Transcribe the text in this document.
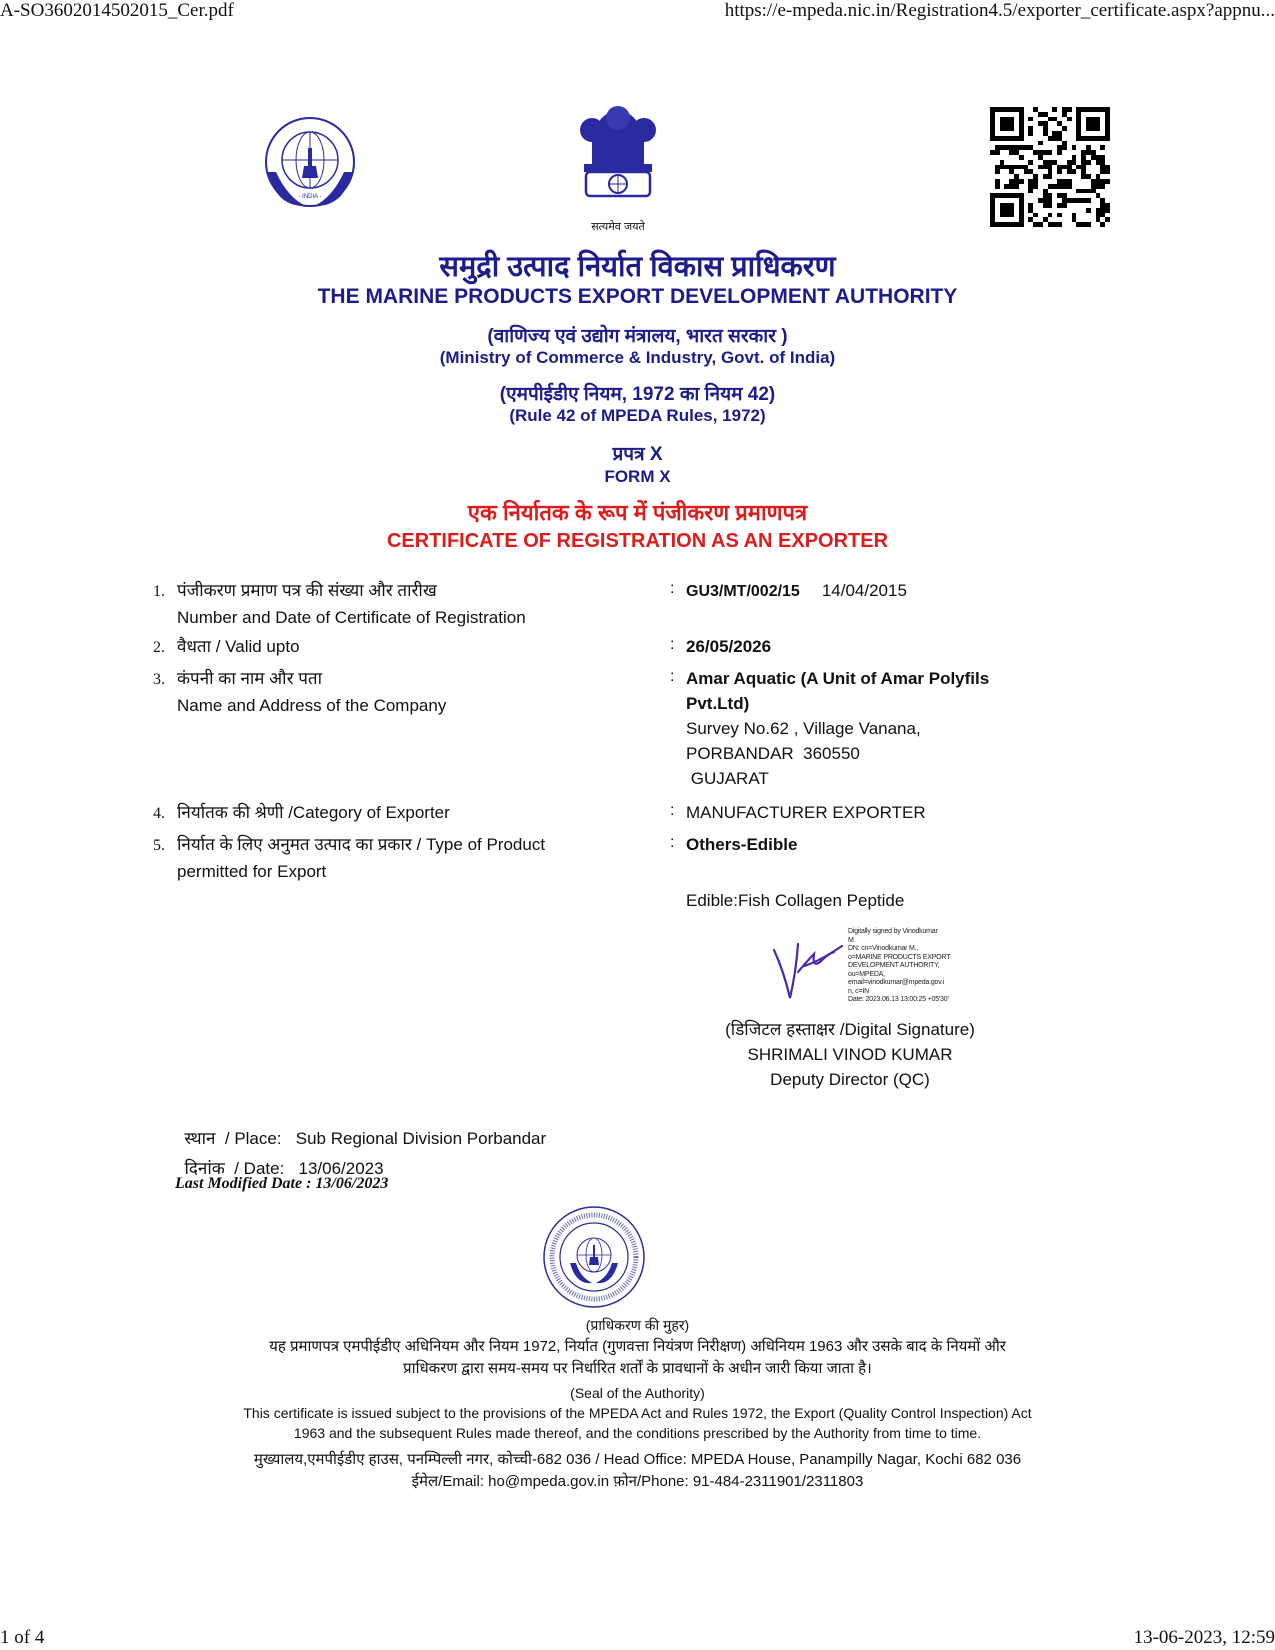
A-SO3602014502015_Cer.pdf	https://e-mpeda.nic.in/Registration4.5/exporter_certificate.aspx?appnu...
- INDIA -
सत्यमेव जयते
समुद्री उत्पाद निर्यात विकास प्राधिकरण
THE MARINE PRODUCTS EXPORT DEVELOPMENT AUTHORITY
(वाणिज्य एवं उद्योग मंत्रालय, भारत सरकार )
(Ministry of Commerce & Industry, Govt. of India)
(एमपीईडीए नियम, 1972 का नियम 42)
(Rule 42 of MPEDA Rules, 1972)
प्रपत्र X
FORM X
एक निर्यातक के रूप में पंजीकरण प्रमाणपत्र
CERTIFICATE OF REGISTRATION AS AN EXPORTER
1. पंजीकरण प्रमाण पत्र की संख्या और तारीख
Number and Date of Certificate of Registration
: GU3/MT/002/15 14/04/2015
2. वैधता / Valid upto	: 26/05/2026
3. कंपनी का नाम और पता
Name and Address of the Company
: Amar Aquatic (A Unit of Amar Polyfils
Pvt.Ltd)
Survey No.62 , Village Vanana,
PORBANDAR  360550
GUJARAT
4. निर्यातक की श्रेणी /Category of Exporter	: MANUFACTURER EXPORTER
5. निर्यात के लिए अनुमत उत्पाद का प्रकार / Type of Product
permitted for Export
: Others-Edible
Edible:Fish Collagen Peptide
Digitally signed by Vinodkumar
M.
DN: cn=Vinodkumar M.,
o=MARINE PRODUCTS EXPORT
DEVELOPMENT AUTHORITY,
ou=MPEDA,
email=vinodkumar@mpeda.gov.i
n, c=IN
Date: 2023.06.13 13:00:25 +05'30'
(डिजिटल हस्ताक्षर /Digital Signature)
SHRIMALI VINOD KUMAR
Deputy Director (QC)

स्थान  / Place: Sub Regional Division Porbandar

दिनांक  / Date: 13/06/2023

Last Modified Date : 13/06/2023
(प्राधिकरण की मुहर)
यह प्रमाणपत्र एमपीईडीए अधिनियम और नियम 1972, निर्यात (गुणवत्ता नियंत्रण निरीक्षण) अधिनियम 1963 और उसके बाद के नियमों और
प्राधिकरण द्वारा समय-समय पर निर्धारित शर्तों के प्रावधानों के अधीन जारी किया जाता है।
(Seal of the Authority)
This certificate is issued subject to the provisions of the MPEDA Act and Rules 1972, the Export (Quality Control Inspection) Act
1963 and the subsequent Rules made thereof, and the conditions prescribed by the Authority from time to time.
मुख्यालय,एमपीईडीए हाउस, पनम्पिल्ली नगर, कोच्ची-682 036 / Head Office: MPEDA House, Panampilly Nagar, Kochi 682 036
ईमेल/Email: ho@mpeda.gov.in फ़ोन/Phone: 91-484-2311901/2311803
1 of 4	13-06-2023, 12:59
